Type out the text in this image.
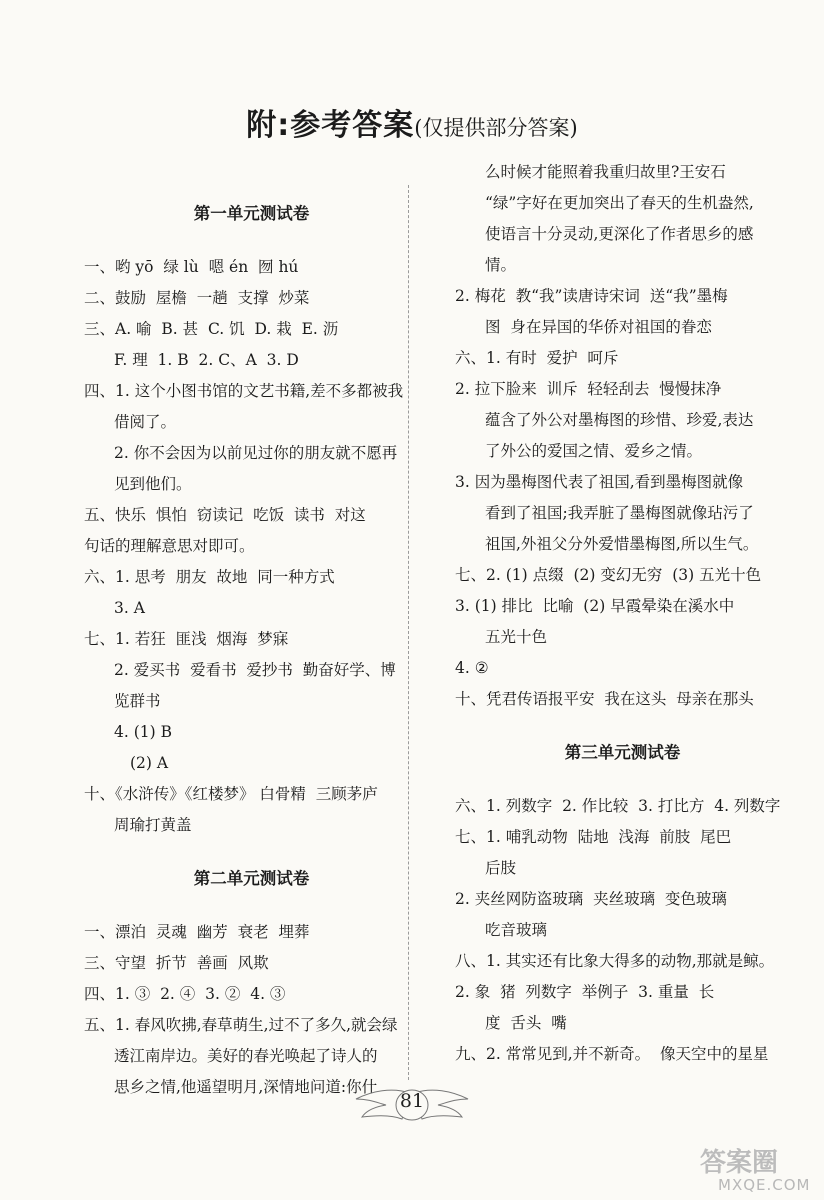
附:参考答案(仅提供部分答案)
第一单元测试卷
一、哟 yō  绿 lù  嗯 én  囫 hú
二、鼓励  屋檐  一趟  支撑  炒菜
三、A. 喻  B. 甚  C. 饥  D. 栽  E. 沥
F. 理  1. B  2. C、A  3. D
四、1. 这个小图书馆的文艺书籍,差不多都被我
借阅了。
2. 你不会因为以前见过你的朋友就不愿再
见到他们。
五、快乐  惧怕  窃读记  吃饭  读书  对这
句话的理解意思对即可。
六、1. 思考  朋友  故地  同一种方式
3. A
七、1. 若狂  匪浅  烟海  梦寐
2. 爱买书  爱看书  爱抄书  勤奋好学、博
览群书
4. (1) B
(2) A
十、《水浒传》《红楼梦》 白骨精  三顾茅庐
周瑜打黄盖
第二单元测试卷
一、漂泊  灵魂  幽芳  衰老  埋葬
三、守望  折节  善画  风欺
四、1. ③  2. ④  3. ②  4. ③
五、1. 春风吹拂,春草萌生,过不了多久,就会绿
透江南岸边。美好的春光唤起了诗人的
思乡之情,他遥望明月,深情地问道:你什
么时候才能照着我重归故里?王安石
“绿”字好在更加突出了春天的生机盎然,
使语言十分灵动,更深化了作者思乡的感
情。
2. 梅花  教“我”读唐诗宋词  送“我”墨梅
图  身在异国的华侨对祖国的眷恋
六、1. 有时  爱护  呵斥
2. 拉下脸来  训斥  轻轻刮去  慢慢抹净
蕴含了外公对墨梅图的珍惜、珍爱,表达
了外公的爱国之情、爱乡之情。
3. 因为墨梅图代表了祖国,看到墨梅图就像
看到了祖国;我弄脏了墨梅图就像玷污了
祖国,外祖父分外爱惜墨梅图,所以生气。
七、2. (1) 点缀  (2) 变幻无穷  (3) 五光十色
3. (1) 排比  比喻  (2) 早霞晕染在溪水中
五光十色
4. ②
十、凭君传语报平安  我在这头  母亲在那头
第三单元测试卷
六、1. 列数字  2. 作比较  3. 打比方  4. 列数字
七、1. 哺乳动物  陆地  浅海  前肢  尾巴
后肢
2. 夹丝网防盗玻璃  夹丝玻璃  变色玻璃
吃音玻璃
八、1. 其实还有比象大得多的动物,那就是鲸。
2. 象  猪  列数字  举例子  3. 重量  长
度  舌头  嘴
九、2. 常常见到,并不新奇。  像天空中的星星
81
答案圈
MXQE.COM
